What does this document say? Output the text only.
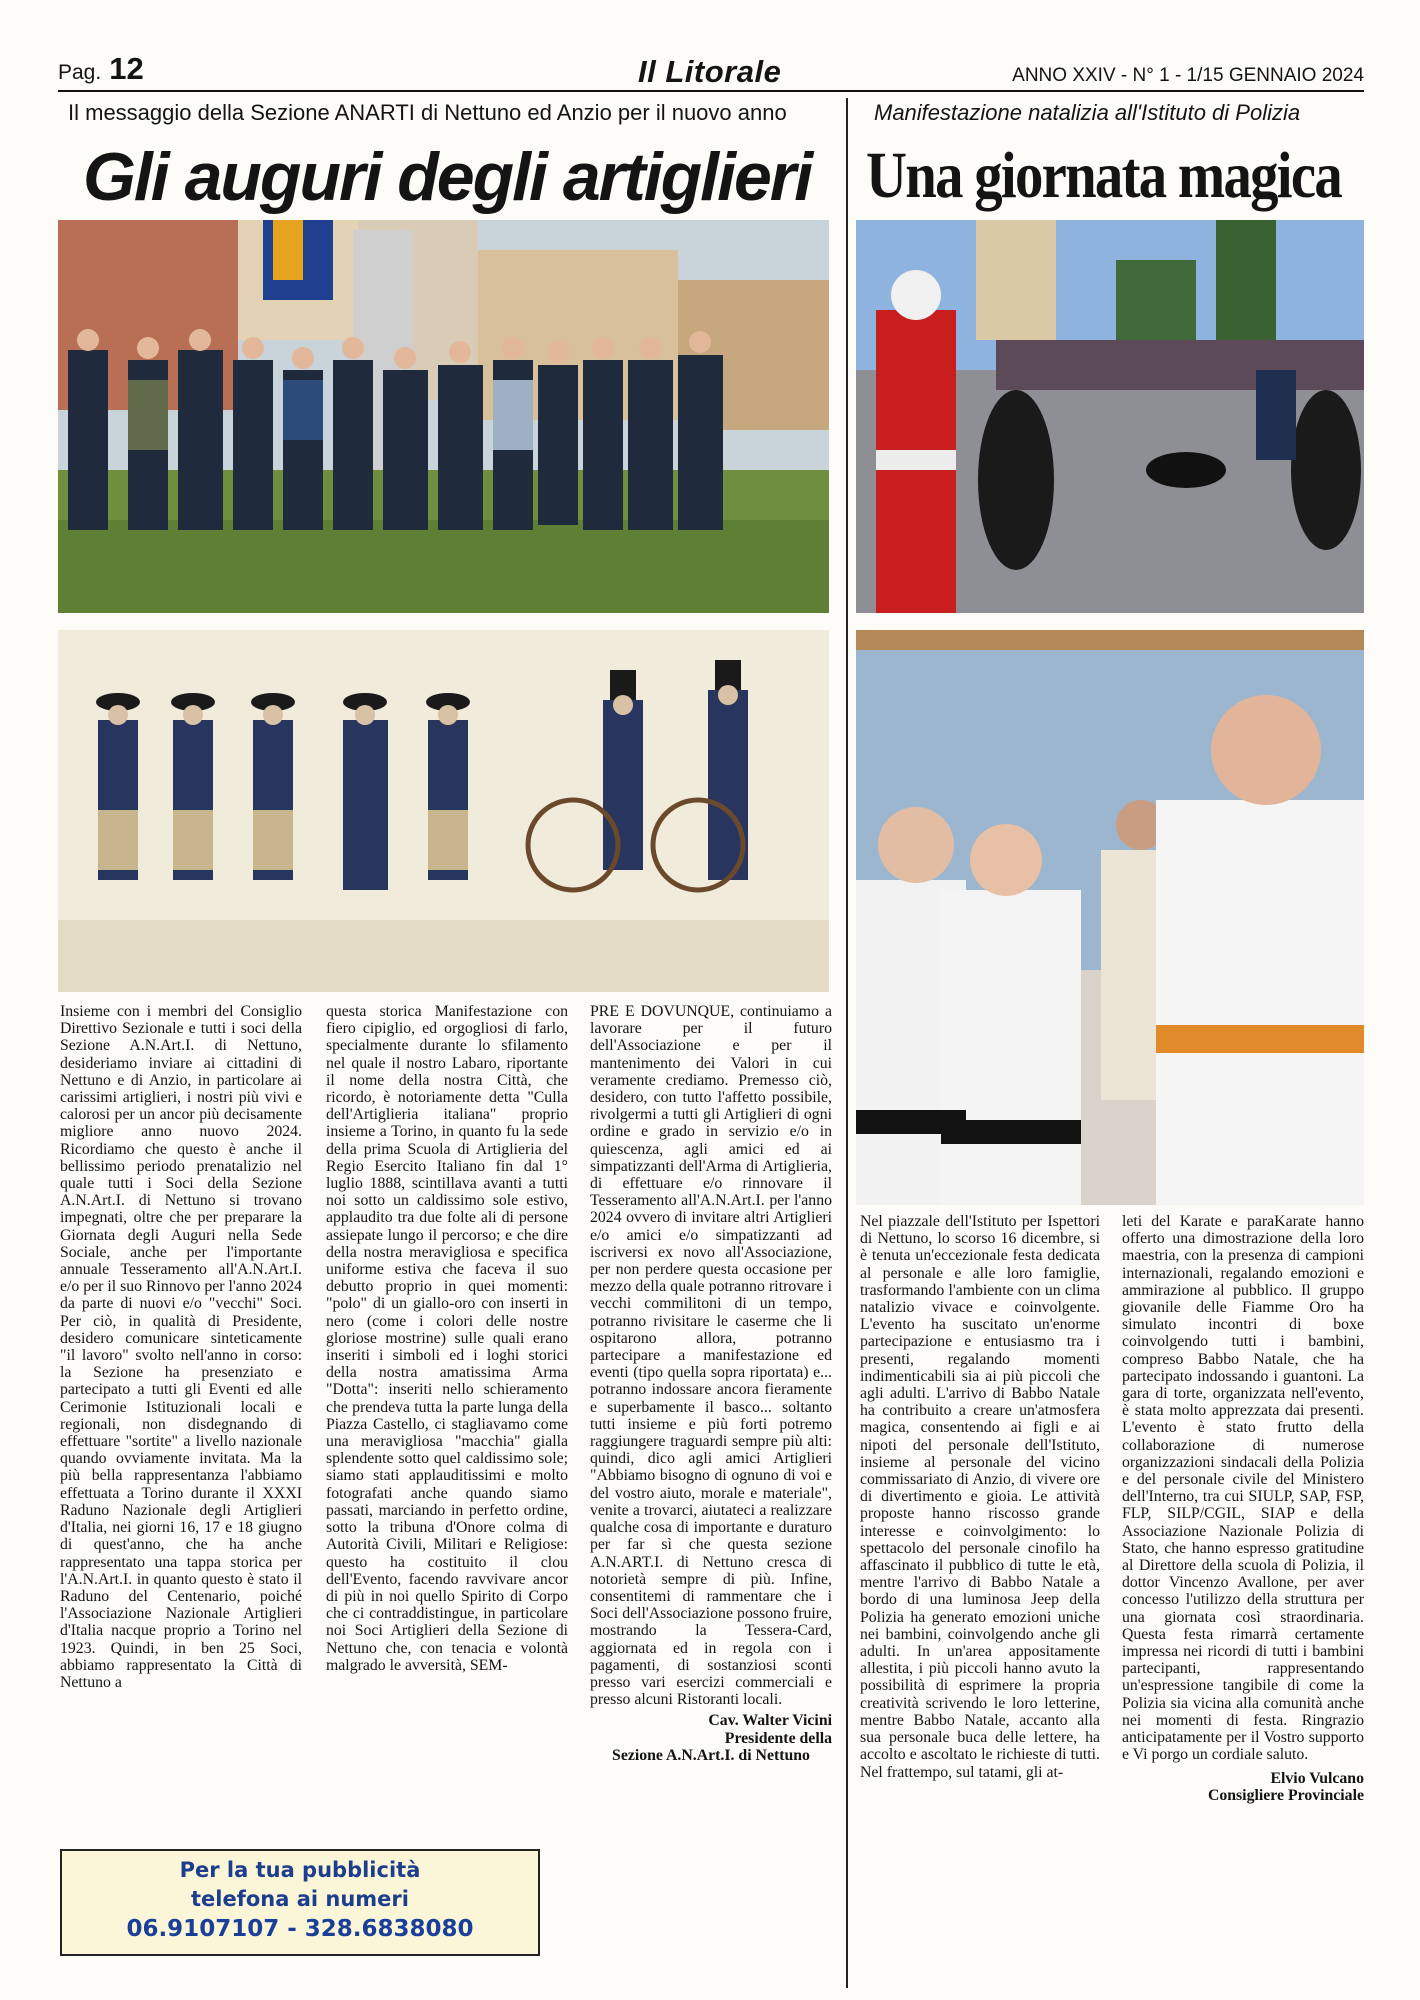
Pag. 12	Il Litorale	ANNO XXIV - N° 1 - 1/15 GENNAIO 2024
Il messaggio della Sezione ANARTI di Nettuno ed Anzio per il nuovo anno
Gli auguri degli artiglieri
Manifestazione natalizia all'Istituto di Polizia
Una giornata magica

Insieme con i membri del Consiglio Direttivo Sezionale e tutti i soci della Sezione A.N.Art.I. di Nettuno, desideriamo inviare ai cittadini di Nettuno e di Anzio, in particolare ai carissimi artiglieri, i nostri più vivi e calorosi per un ancor più decisamente migliore anno nuovo 2024. Ricordiamo che questo è anche il bellissimo periodo prenatalizio nel quale tutti i Soci della Sezione A.N.Art.I. di Nettuno si trovano impegnati, oltre che per preparare la Giornata degli Auguri nella Sede Sociale, anche per l'importante annuale Tesseramento all'A.N.Art.I. e/o per il suo Rinnovo per l'anno 2024 da parte di nuovi e/o "vecchi" Soci. Per ciò, in qualità di Presidente, desidero comunicare sinteticamente "il lavoro" svolto nell'anno in corso: la Sezione ha presenziato e partecipato a tutti gli Eventi ed alle Cerimonie Istituzionali locali e regionali, non disdegnando di effettuare "sortite" a livello nazionale quando ovviamente invitata. Ma la più bella rappresentanza l'abbiamo effettuata a Torino durante il XXXI Raduno Nazionale degli Artiglieri d'Italia, nei giorni 16, 17 e 18 giugno di quest'anno, che ha anche rappresentato una tappa storica per l'A.N.Art.I. in quanto questo è stato il Raduno del Centenario, poiché l'Associazione Nazionale Artiglieri d'Italia nacque proprio a Torino nel 1923. Quindi, in ben 25 Soci, abbiamo rappresentato la Città di Nettuno a

questa storica Manifestazione con fiero cipiglio, ed orgogliosi di farlo, specialmente durante lo sfilamento nel quale il nostro Labaro, riportante il nome della nostra Città, che ricordo, è notoriamente detta "Culla dell'Artiglieria italiana" proprio insieme a Torino, in quanto fu la sede della prima Scuola di Artiglieria del Regio Esercito Italiano fin dal 1° luglio 1888, scintillava avanti a tutti noi sotto un caldissimo sole estivo, applaudito tra due folte ali di persone assiepate lungo il percorso; e che dire della nostra meravigliosa e specifica uniforme estiva che faceva il suo debutto proprio in quei momenti: "polo" di un giallo-oro con inserti in nero (come i colori delle nostre gloriose mostrine) sulle quali erano inseriti i simboli ed i loghi storici della nostra amatissima Arma "Dotta": inseriti nello schieramento che prendeva tutta la parte lunga della Piazza Castello, ci stagliavamo come una meravigliosa "macchia" gialla splendente sotto quel caldissimo sole; siamo stati applauditissimi e molto fotografati anche quando siamo passati, marciando in perfetto ordine, sotto la tribuna d'Onore colma di Autorità Civili, Militari e Religiose: questo ha costituito il clou dell'Evento, facendo ravvivare ancor di più in noi quello Spirito di Corpo che ci contraddistingue, in particolare noi Soci Artiglieri della Sezione di Nettuno che, con tenacia e volontà malgrado le avversità, SEM-

PRE E DOVUNQUE, continuiamo a lavorare per il futuro dell'Associazione e per il mantenimento dei Valori in cui veramente crediamo. Premesso ciò, desidero, con tutto l'affetto possibile, rivolgermi a tutti gli Artiglieri di ogni ordine e grado in servizio e/o in quiescenza, agli amici ed ai simpatizzanti dell'Arma di Artiglieria, di effettuare e/o rinnovare il Tesseramento all'A.N.Art.I. per l'anno 2024 ovvero di invitare altri Artiglieri e/o amici e/o simpatizzanti ad iscriversi ex novo all'Associazione, per non perdere questa occasione per mezzo della quale potranno ritrovare i vecchi commilitoni di un tempo, potranno rivisitare le caserme che li ospitarono allora, potranno partecipare a manifestazione ed eventi (tipo quella sopra riportata) e... potranno indossare ancora fieramente e superbamente il basco... soltanto tutti insieme e più forti potremo raggiungere traguardi sempre più alti: quindi, dico agli amici Artiglieri "Abbiamo bisogno di ognuno di voi e del vostro aiuto, morale e materiale", venite a trovarci, aiutateci a realizzare qualche cosa di importante e duraturo per far sì che questa sezione A.N.ART.I. di Nettuno cresca di notorietà sempre di più. Infine, consentitemi di rammentare che i Soci dell'Associazione possono fruire, mostrando la Tessera-Card, aggiornata ed in regola con i pagamenti, di sostanziosi sconti presso vari esercizi commerciali e presso alcuni Ristoranti locali.

Cav. Walter Vicini

Presidente della

Sezione A.N.Art.I. di Nettuno

Per la tua pubblicità
telefona ai numeri
06.9107107 - 328.6838080

Nel piazzale dell'Istituto per Ispettori di Nettuno, lo scorso 16 dicembre, si è tenuta un'eccezionale festa dedicata al personale e alle loro famiglie, trasformando l'ambiente con un clima natalizio vivace e coinvolgente. L'evento ha suscitato un'enorme partecipazione e entusiasmo tra i presenti, regalando momenti indimenticabili sia ai più piccoli che agli adulti. L'arrivo di Babbo Natale ha contribuito a creare un'atmosfera magica, consentendo ai figli e ai nipoti del personale dell'Istituto, insieme al personale del vicino commissariato di Anzio, di vivere ore di divertimento e gioia. Le attività proposte hanno riscosso grande interesse e coinvolgimento: lo spettacolo del personale cinofilo ha affascinato il pubblico di tutte le età, mentre l'arrivo di Babbo Natale a bordo di una luminosa Jeep della Polizia ha generato emozioni uniche nei bambini, coinvolgendo anche gli adulti. In un'area appositamente allestita, i più piccoli hanno avuto la possibilità di esprimere la propria creatività scrivendo le loro letterine, mentre Babbo Natale, accanto alla sua personale buca delle lettere, ha accolto e ascoltato le richieste di tutti. Nel frattempo, sul tatami, gli at-

leti del Karate e paraKarate hanno offerto una dimostrazione della loro maestria, con la presenza di campioni internazionali, regalando emozioni e ammirazione al pubblico. Il gruppo giovanile delle Fiamme Oro ha simulato incontri di boxe coinvolgendo tutti i bambini, compreso Babbo Natale, che ha partecipato indossando i guantoni. La gara di torte, organizzata nell'evento, è stata molto apprezzata dai presenti. L'evento è stato frutto della collaborazione di numerose organizzazioni sindacali della Polizia e del personale civile del Ministero dell'Interno, tra cui SIULP, SAP, FSP, FLP, SILP/CGIL, SIAP e della Associazione Nazionale Polizia di Stato, che hanno espresso gratitudine al Direttore della scuola di Polizia, il dottor Vincenzo Avallone, per aver concesso l'utilizzo della struttura per una giornata così straordinaria. Questa festa rimarrà certamente impressa nei ricordi di tutti i bambini partecipanti, rappresentando un'espressione tangibile di come la Polizia sia vicina alla comunità anche nei momenti di festa. Ringrazio anticipatamente per il Vostro supporto e Vi porgo un cordiale saluto.

Elvio Vulcano

Consigliere Provinciale
